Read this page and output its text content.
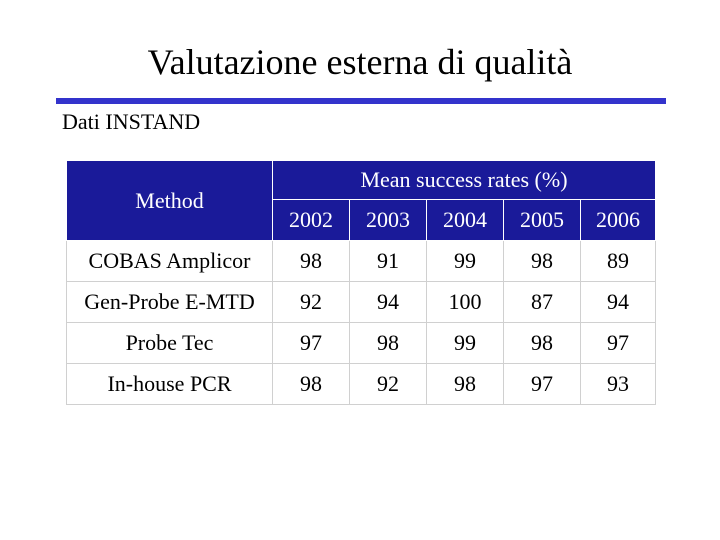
Valutazione esterna di qualità
Dati INSTAND
Method	Mean success rates (%)				
	2002	2003	2004	2005	2006
COBAS Amplicor	98	91	99	98	89
Gen-Probe E-MTD	92	94	100	87	94
Probe Tec	97	98	99	98	97
In-house PCR	98	92	98	97	93
